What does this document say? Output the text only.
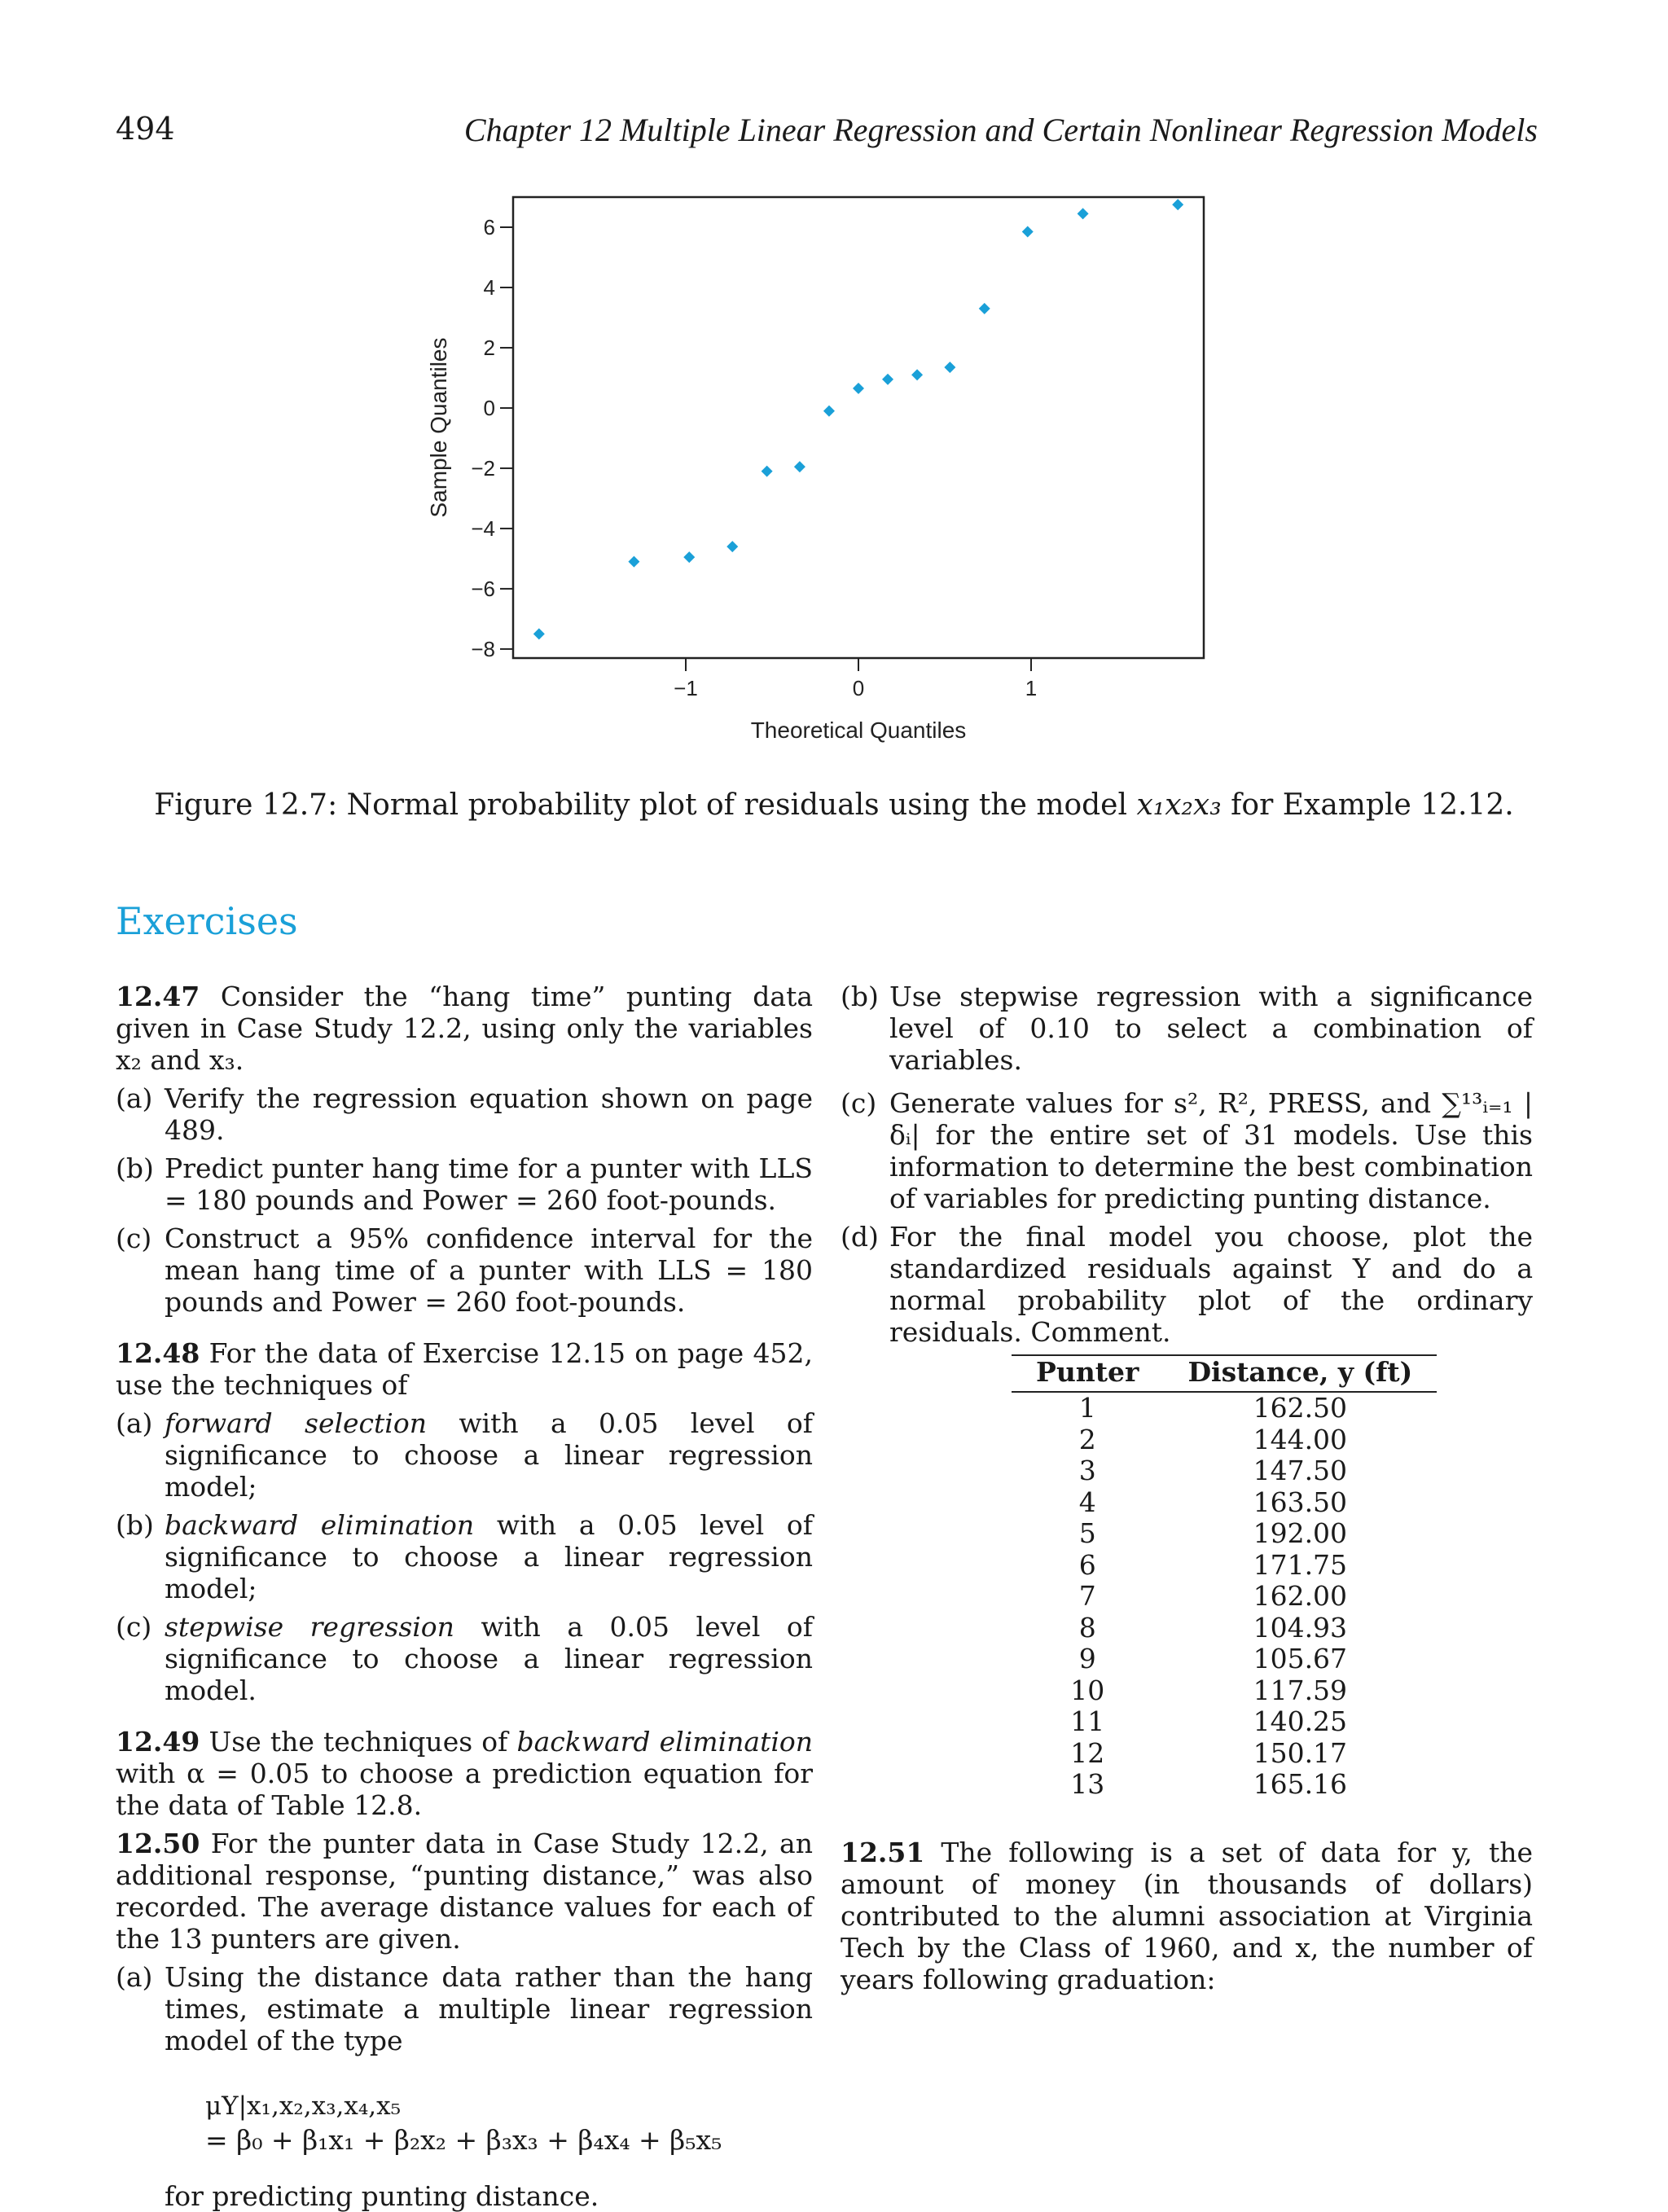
494	Chapter 12 Multiple Linear Regression and Certain Nonlinear Regression Models
−8
−6
−4
−2
0
2
4
6
−1	0	1
Theoretical Quantiles
Sample Quantiles
Figure 12.7: Normal probability plot of residuals using the model x₁x₂x₃ for Example 12.12.
Exercises

12.47 Consider the “hang time” punting data given in Case Study 12.2, using only the variables x₂ and x₃.

(a) Verify the regression equation shown on page 489.
(b) Predict punter hang time for a punter with LLS = 180 pounds and Power = 260 foot-pounds.
(c) Construct a 95% confidence interval for the mean hang time of a punter with LLS = 180 pounds and Power = 260 foot-pounds.

12.48 For the data of Exercise 12.15 on page 452, use the techniques of

(a) forward selection with a 0.05 level of significance to choose a linear regression model;
(b) backward elimination with a 0.05 level of significance to choose a linear regression model;
(c) stepwise regression with a 0.05 level of significance to choose a linear regression model.

12.49 Use the techniques of backward elimination with α = 0.05 to choose a prediction equation for the data of Table 12.8.

12.50 For the punter data in Case Study 12.2, an additional response, “punting distance,” was also recorded. The average distance values for each of the 13 punters are given.

(a) Using the distance data rather than the hang times, estimate a multiple linear regression model of the type
μY|x₁,x₂,x₃,x₄,x₅
= β₀ + β₁x₁ + β₂x₂ + β₃x₃ + β₄x₄ + β₅x₅
for predicting punting distance.
(b) Use stepwise regression with a significance level of 0.10 to select a combination of variables.
(c) Generate values for s², R², PRESS, and ∑¹³ᵢ₌₁ |δᵢ| for the entire set of 31 models. Use this information to determine the best combination of variables for predicting punting distance.
(d) For the final model you choose, plot the standardized residuals against Y and do a normal probability plot of the ordinary residuals. Comment.
Punter	Distance, y (ft)
1	162.50
2	144.00
3	147.50
4	163.50
5	192.00
6	171.75
7	162.00
8	104.93
9	105.67
10	117.59
11	140.25
12	150.17
13	165.16

12.51 The following is a set of data for y, the amount of money (in thousands of dollars) contributed to the alumni association at Virginia Tech by the Class of 1960, and x, the number of years following graduation:
